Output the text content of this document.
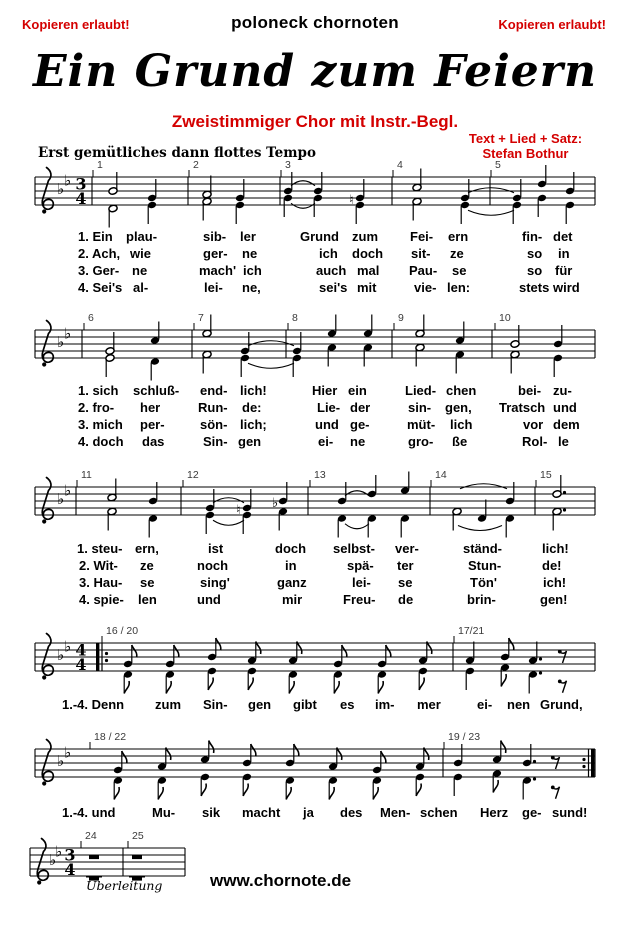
Kopieren erlaubt!	poloneck chornoten	Kopieren erlaubt!
Ein Grund zum Feiern
Zweistimmiger Chor mit Instr.-Begl.
Text + Lied + Satz:
Stefan Bothur
Erst gemütliches dann flottes Tempo
1	2	3	4	5
♭ ♭ 3
4	♮
6	7	8	9	10
♭ ♭
11	12	13	14	15
♭ ♭
♮ ♭
16 / 20	17/21
♭ ♭ 4
4
18 / 22	19 / 23
♭ ♭
24	25
♭
♭ 3
4
1. Ein plau-	sib- ler	Grund zum Fei- ern	fin- det
2. Ach, wie	ger- ne	ich doch sit- ze	so in
3. Ger- ne	mach' ich	auch mal Pau- se	so für
4. Sei's al-	lei- ne,	sei's mit	vie- len:	stets wird
1. sich schluß- end- lich!	Hier ein	Lied- chen	bei- zu-
2. fro- her	Run- de:	Lie- der	sin- gen, Tratsch und
3. mich per-	sön- lich;	und ge-	müt- lich	vor dem
4. doch das	Sin- gen	ei- ne	gro- ße	Rol- le
1. steu- ern,	ist	doch selbst- ver-	ständ-	lich!
2. Wit- ze	noch	in	spä- ter	Stun-	de!
3. Hau- se	sing'	ganz	lei- se	Tön'	ich!
4. spie- len	und	mir	Freu- de	brin-	gen!
1.-4. Denn zum Sin- gen gibt es im- mer	ei- nen Grund,
1.-4. und	Mu- sik macht ja des Men- schen Herz ge- sund!
Überleitung	www.chornote.de
